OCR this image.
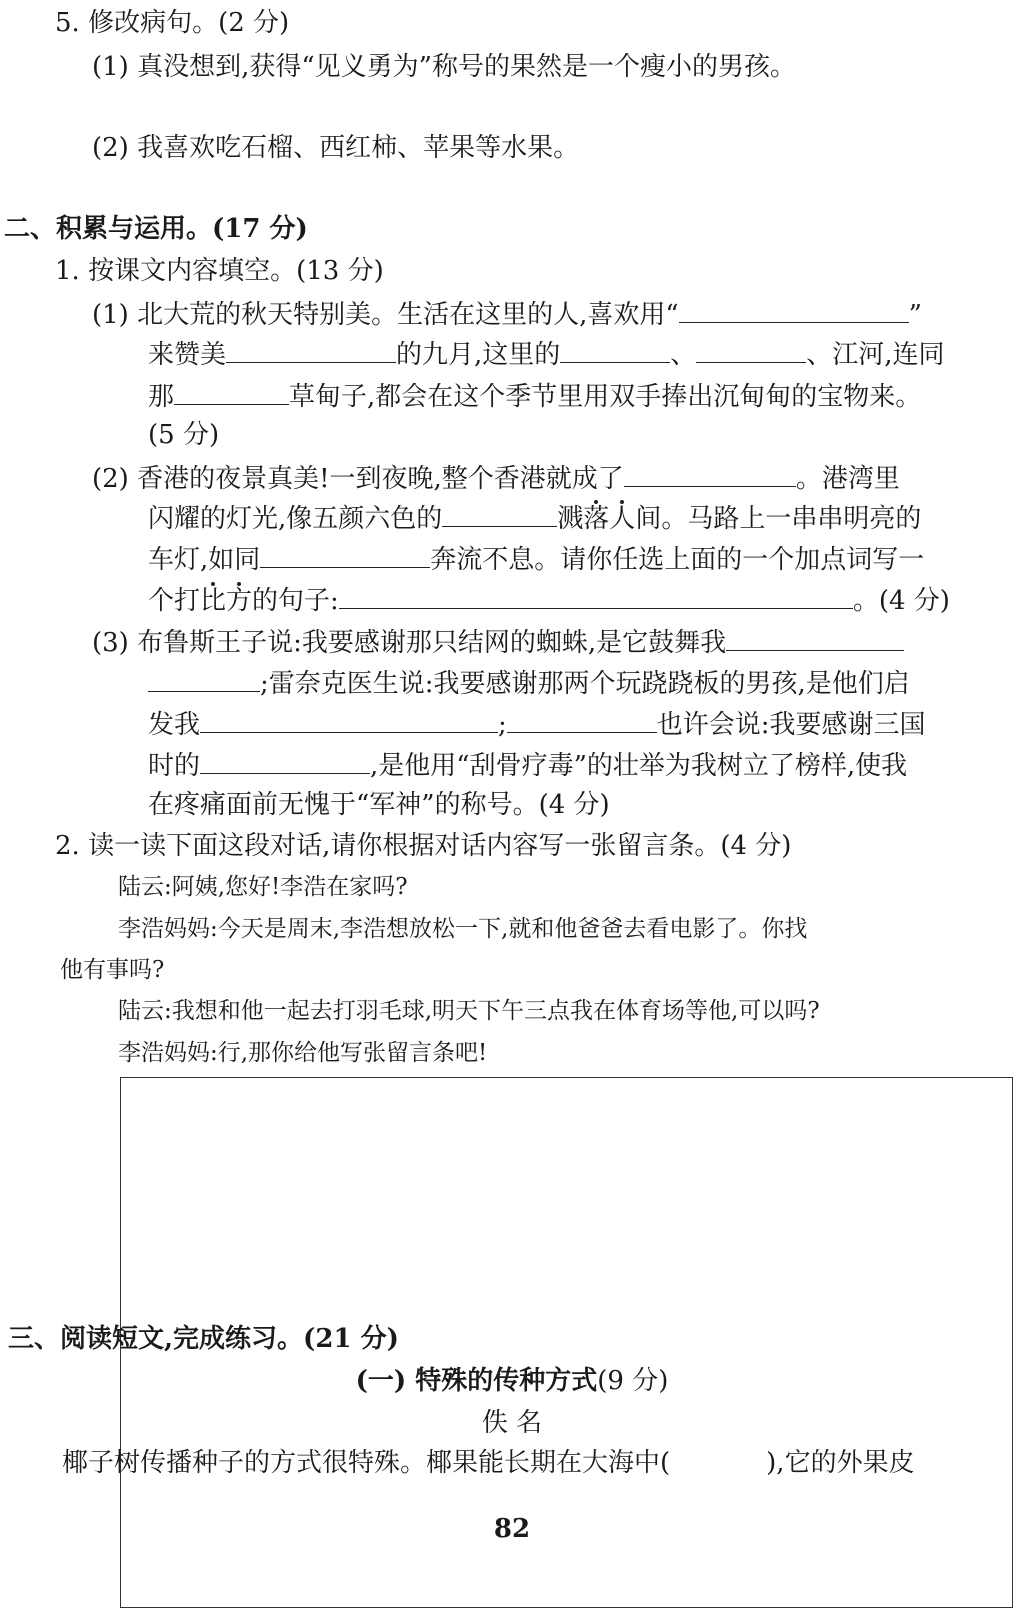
5. 修改病句。(2 分)
(1) 真没想到,获得“见义勇为”称号的果然是一个瘦小的男孩。
(2) 我喜欢吃石榴、西红柿、苹果等水果。
二、积累与运用。(17 分)
1. 按课文内容填空。(13 分)
(1) 北大荒的秋天特别美。生活在这里的人,喜欢用“	”
来赞美	的九月,这里的	、	、江河,连同
那	草甸子,都会在这个季节里用双手捧出沉甸甸的宝物来。
(5 分)
(2) 香港的夜景真美!一到夜晚,整个香港就成了	。港湾里
闪耀的灯光,像五颜六色的	溅落人间。马路上一串串明亮的
车灯,如同	奔流不息。请你任选上面的一个加点词写一
个打比方的句子:	。(4 分)
(3) 布鲁斯王子说:我要感谢那只结网的蜘蛛,是它鼓舞我
;雷奈克医生说:我要感谢那两个玩跷跷板的男孩,是他们启
发我	;	也许会说:我要感谢三国
时的	,是他用“刮骨疗毒”的壮举为我树立了榜样,使我
在疼痛面前无愧于“军神”的称号。(4 分)
2. 读一读下面这段对话,请你根据对话内容写一张留言条。(4 分)
陆云:阿姨,您好!李浩在家吗?
李浩妈妈:今天是周末,李浩想放松一下,就和他爸爸去看电影了。你找
他有事吗?
陆云:我想和他一起去打羽毛球,明天下午三点我在体育场等他,可以吗?
李浩妈妈:行,那你给他写张留言条吧!
三、阅读短文,完成练习。(21 分)
(一) 特殊的传种方式(9 分)
佚 名
椰子树传播种子的方式很特殊。椰果能长期在大海中(	),它的外果皮
82
